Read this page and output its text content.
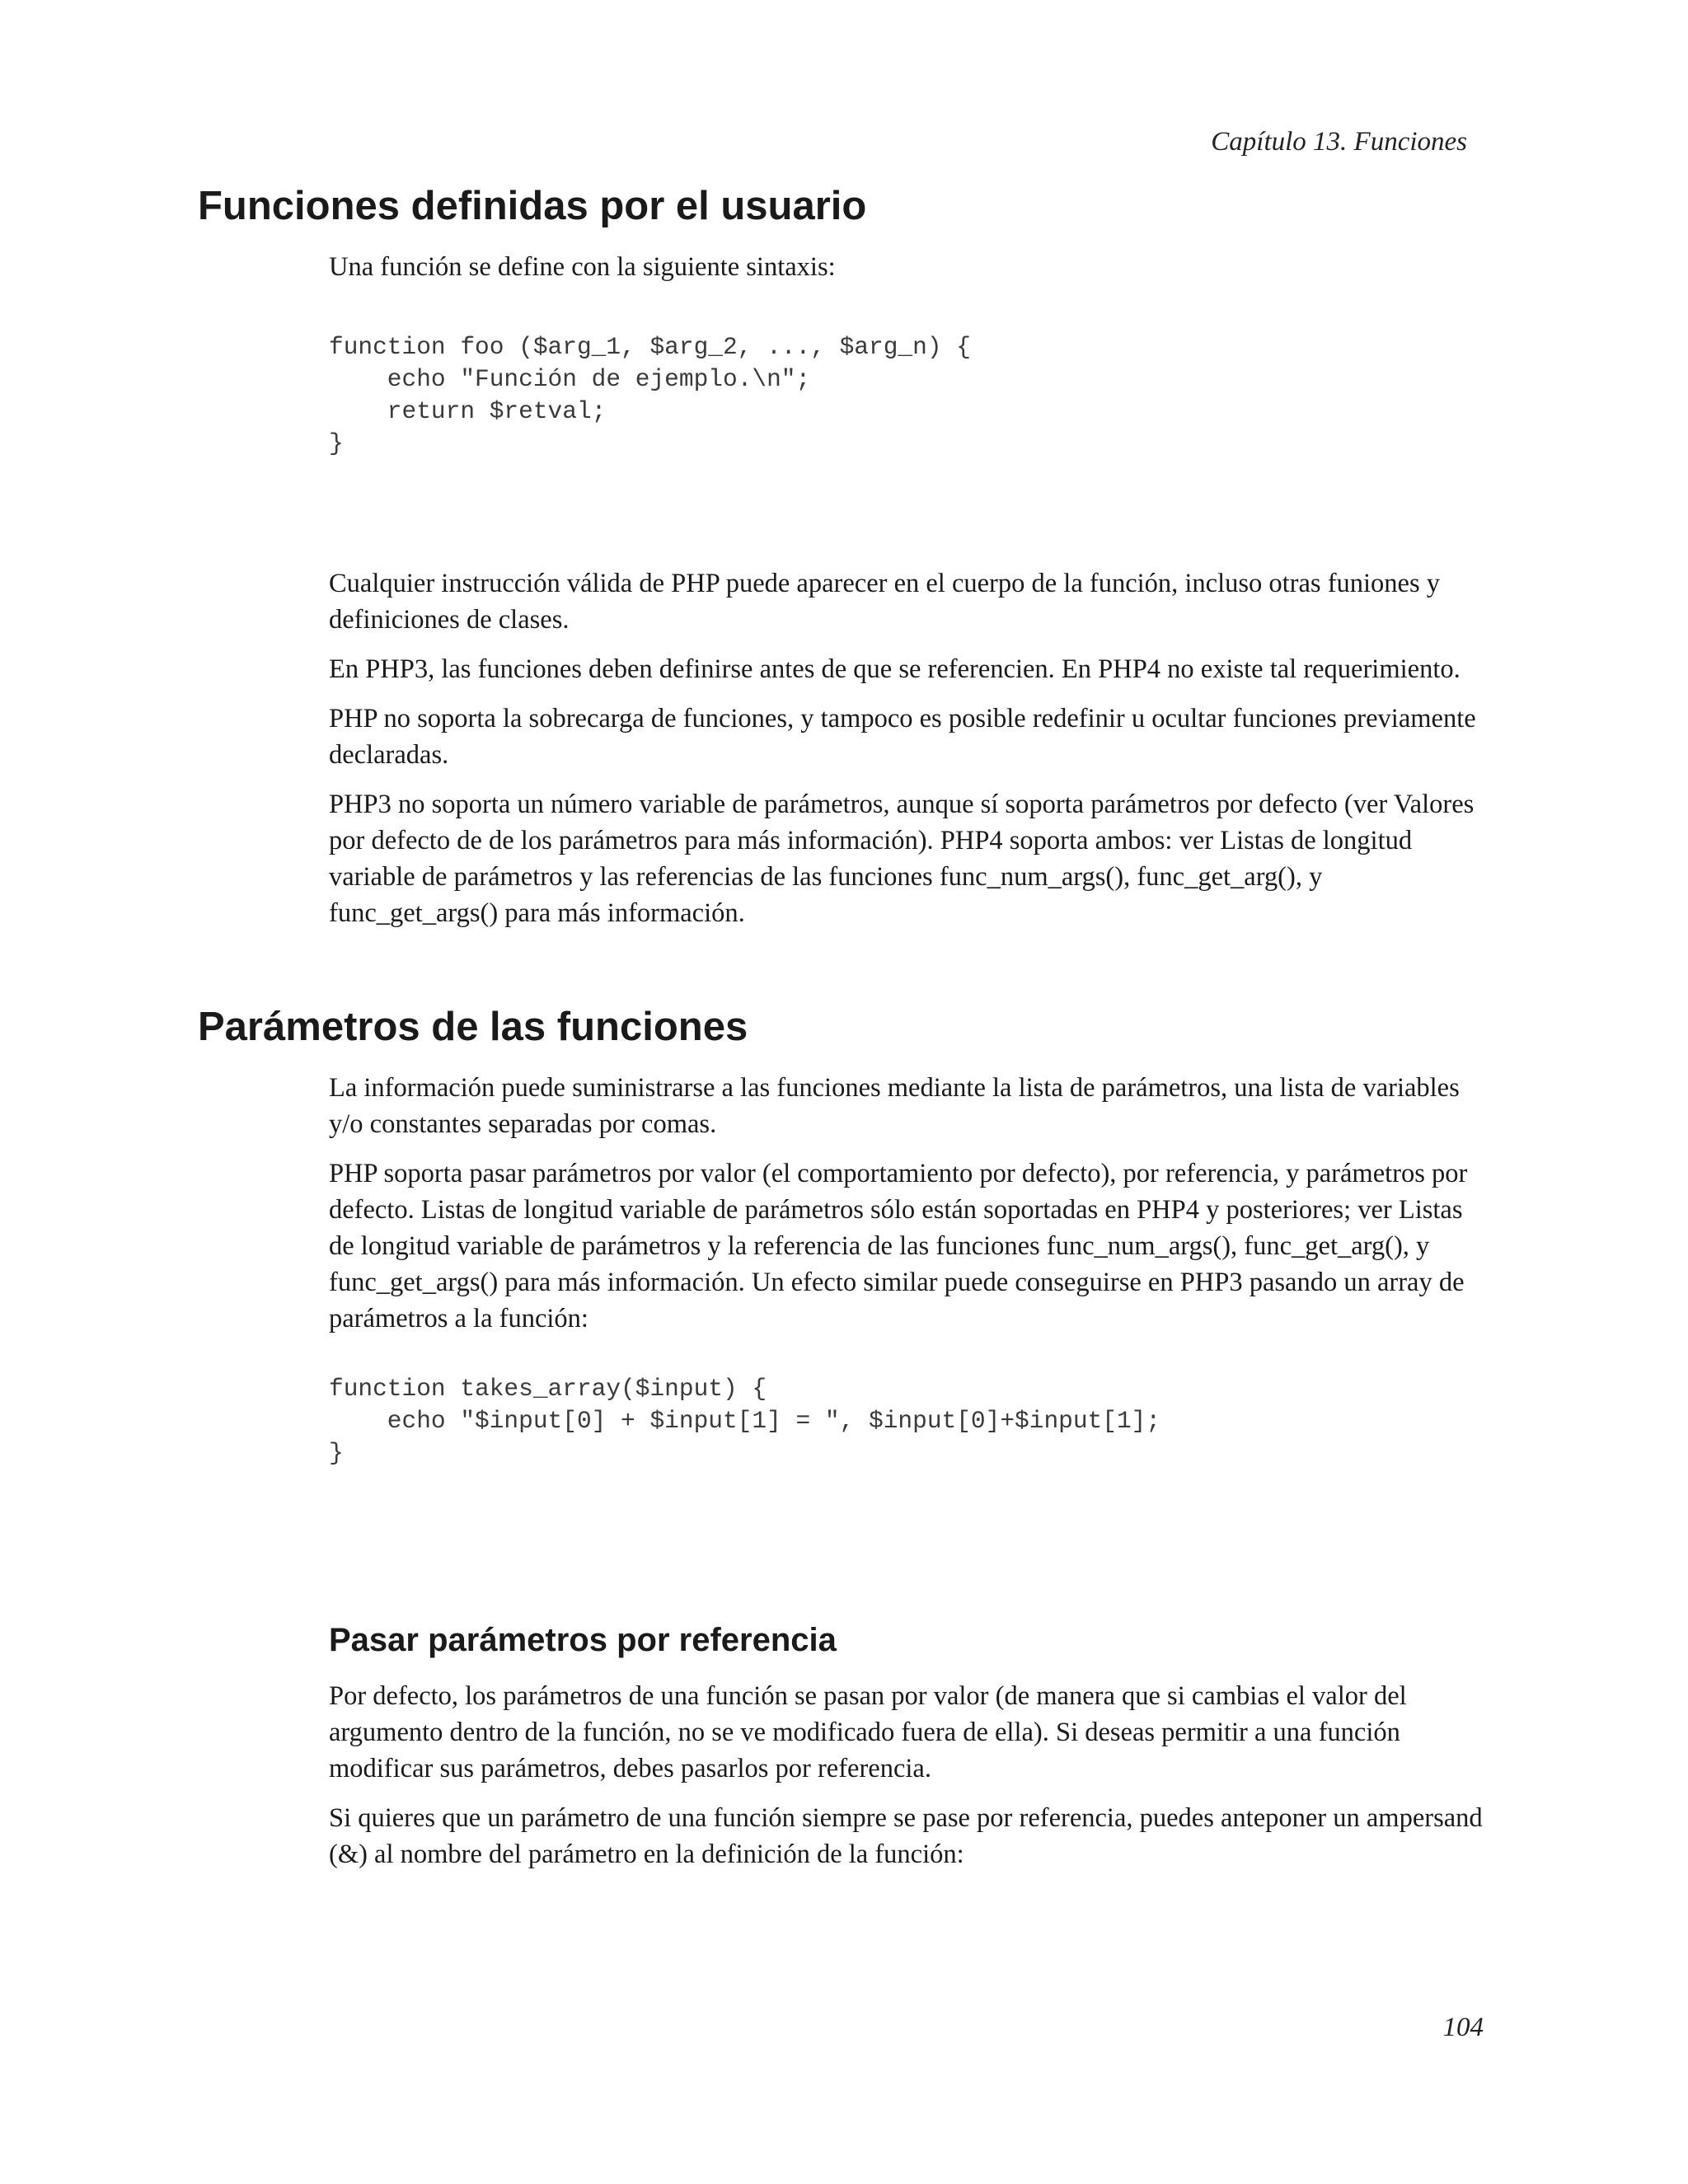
Capítulo 13. Funciones
Funciones definidas por el usuario

Una función se define con la siguiente sintaxis:

function foo ($arg_1, $arg_2, ..., $arg_n) {
echo "Función de ejemplo.\n";
return $retval;
}

Cualquier instrucción válida de PHP puede aparecer en el cuerpo de la función, incluso otras funiones y definiciones de clases.

En PHP3, las funciones deben definirse antes de que se referencien. En PHP4 no existe tal requerimiento.

PHP no soporta la sobrecarga de funciones, y tampoco es posible redefinir u ocultar funciones previamente declaradas.

PHP3 no soporta un número variable de parámetros, aunque sí soporta parámetros por defecto (ver Valores por defecto de de los parámetros para más información). PHP4 soporta ambos: ver Listas de longitud variable de parámetros y las referencias de las funciones func_num_args(), func_get_arg(), y func_get_args() para más información.

Parámetros de las funciones

La información puede suministrarse a las funciones mediante la lista de parámetros, una lista de variables y/o constantes separadas por comas.

PHP soporta pasar parámetros por valor (el comportamiento por defecto), por referencia, y parámetros por defecto. Listas de longitud variable de parámetros sólo están soportadas en PHP4 y posteriores; ver Listas de longitud variable de parámetros y la referencia de las funciones func_num_args(), func_get_arg(), y func_get_args() para más información. Un efecto similar puede conseguirse en PHP3 pasando un array de parámetros a la función:

function takes_array($input) {
echo "$input[0] + $input[1] = ", $input[0]+$input[1];
}
Pasar parámetros por referencia

Por defecto, los parámetros de una función se pasan por valor (de manera que si cambias el valor del argumento dentro de la función, no se ve modificado fuera de ella). Si deseas permitir a una función modificar sus parámetros, debes pasarlos por referencia.

Si quieres que un parámetro de una función siempre se pase por referencia, puedes anteponer un ampersand (&) al nombre del parámetro en la definición de la función:

104
